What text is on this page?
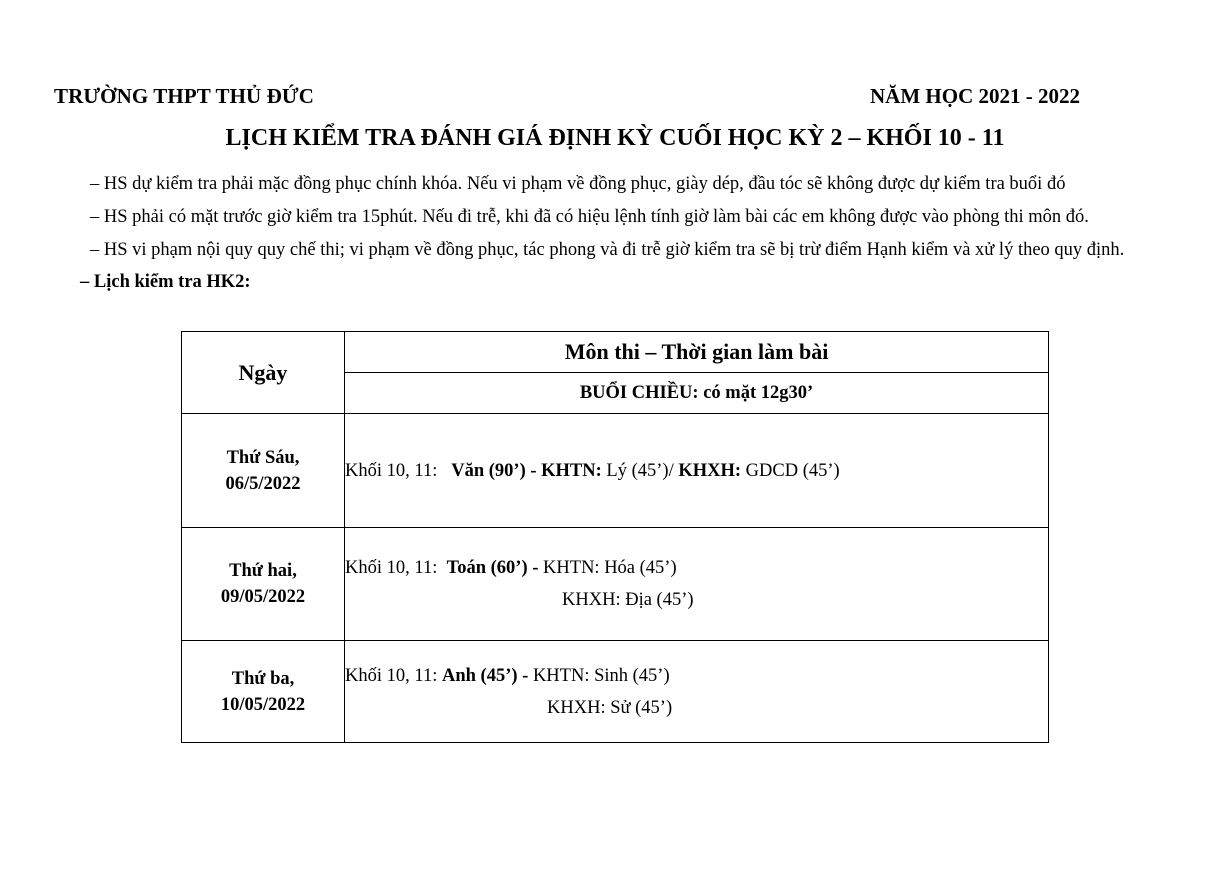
TRƯỜNG THPT THỦ ĐỨC	NĂM HỌC 2021 - 2022
LỊCH KIỂM TRA ĐÁNH GIÁ ĐỊNH KỲ CUỐI HỌC KỲ 2 – KHỐI 10 - 11

– HS dự kiểm tra phải mặc đồng phục chính khóa. Nếu vi phạm về đồng phục, giày dép, đầu tóc sẽ không được dự kiểm tra buổi đó

– HS phải có mặt trước giờ kiểm tra 15phút. Nếu đi trễ, khi đã có hiệu lệnh tính giờ làm bài các em không được vào phòng thi môn đó.

– HS vi phạm nội quy quy chế thi; vi phạm về đồng phục, tác phong và đi trễ giờ kiểm tra sẽ bị trừ điểm Hạnh kiểm và xử lý theo quy định.

– Lịch kiểm tra HK2:

Ngày	Môn thi – Thời gian làm bài
	BUỔI CHIỀU: có mặt 12g30’

Thứ Sáu,
06/5/2022	Khối 10, 11: Văn (90’) - KHTN: Lý (45’)/ KHXH: GDCD (45’)

Thứ hai,
09/05/2022	Khối 10, 11: Toán (60’) - KHTN: Hóa (45’)
KHXH: Địa (45’)

Thứ ba,
10/05/2022	Khối 10, 11: Anh (45’) - KHTN: Sinh (45’)
KHXH: Sử (45’)
